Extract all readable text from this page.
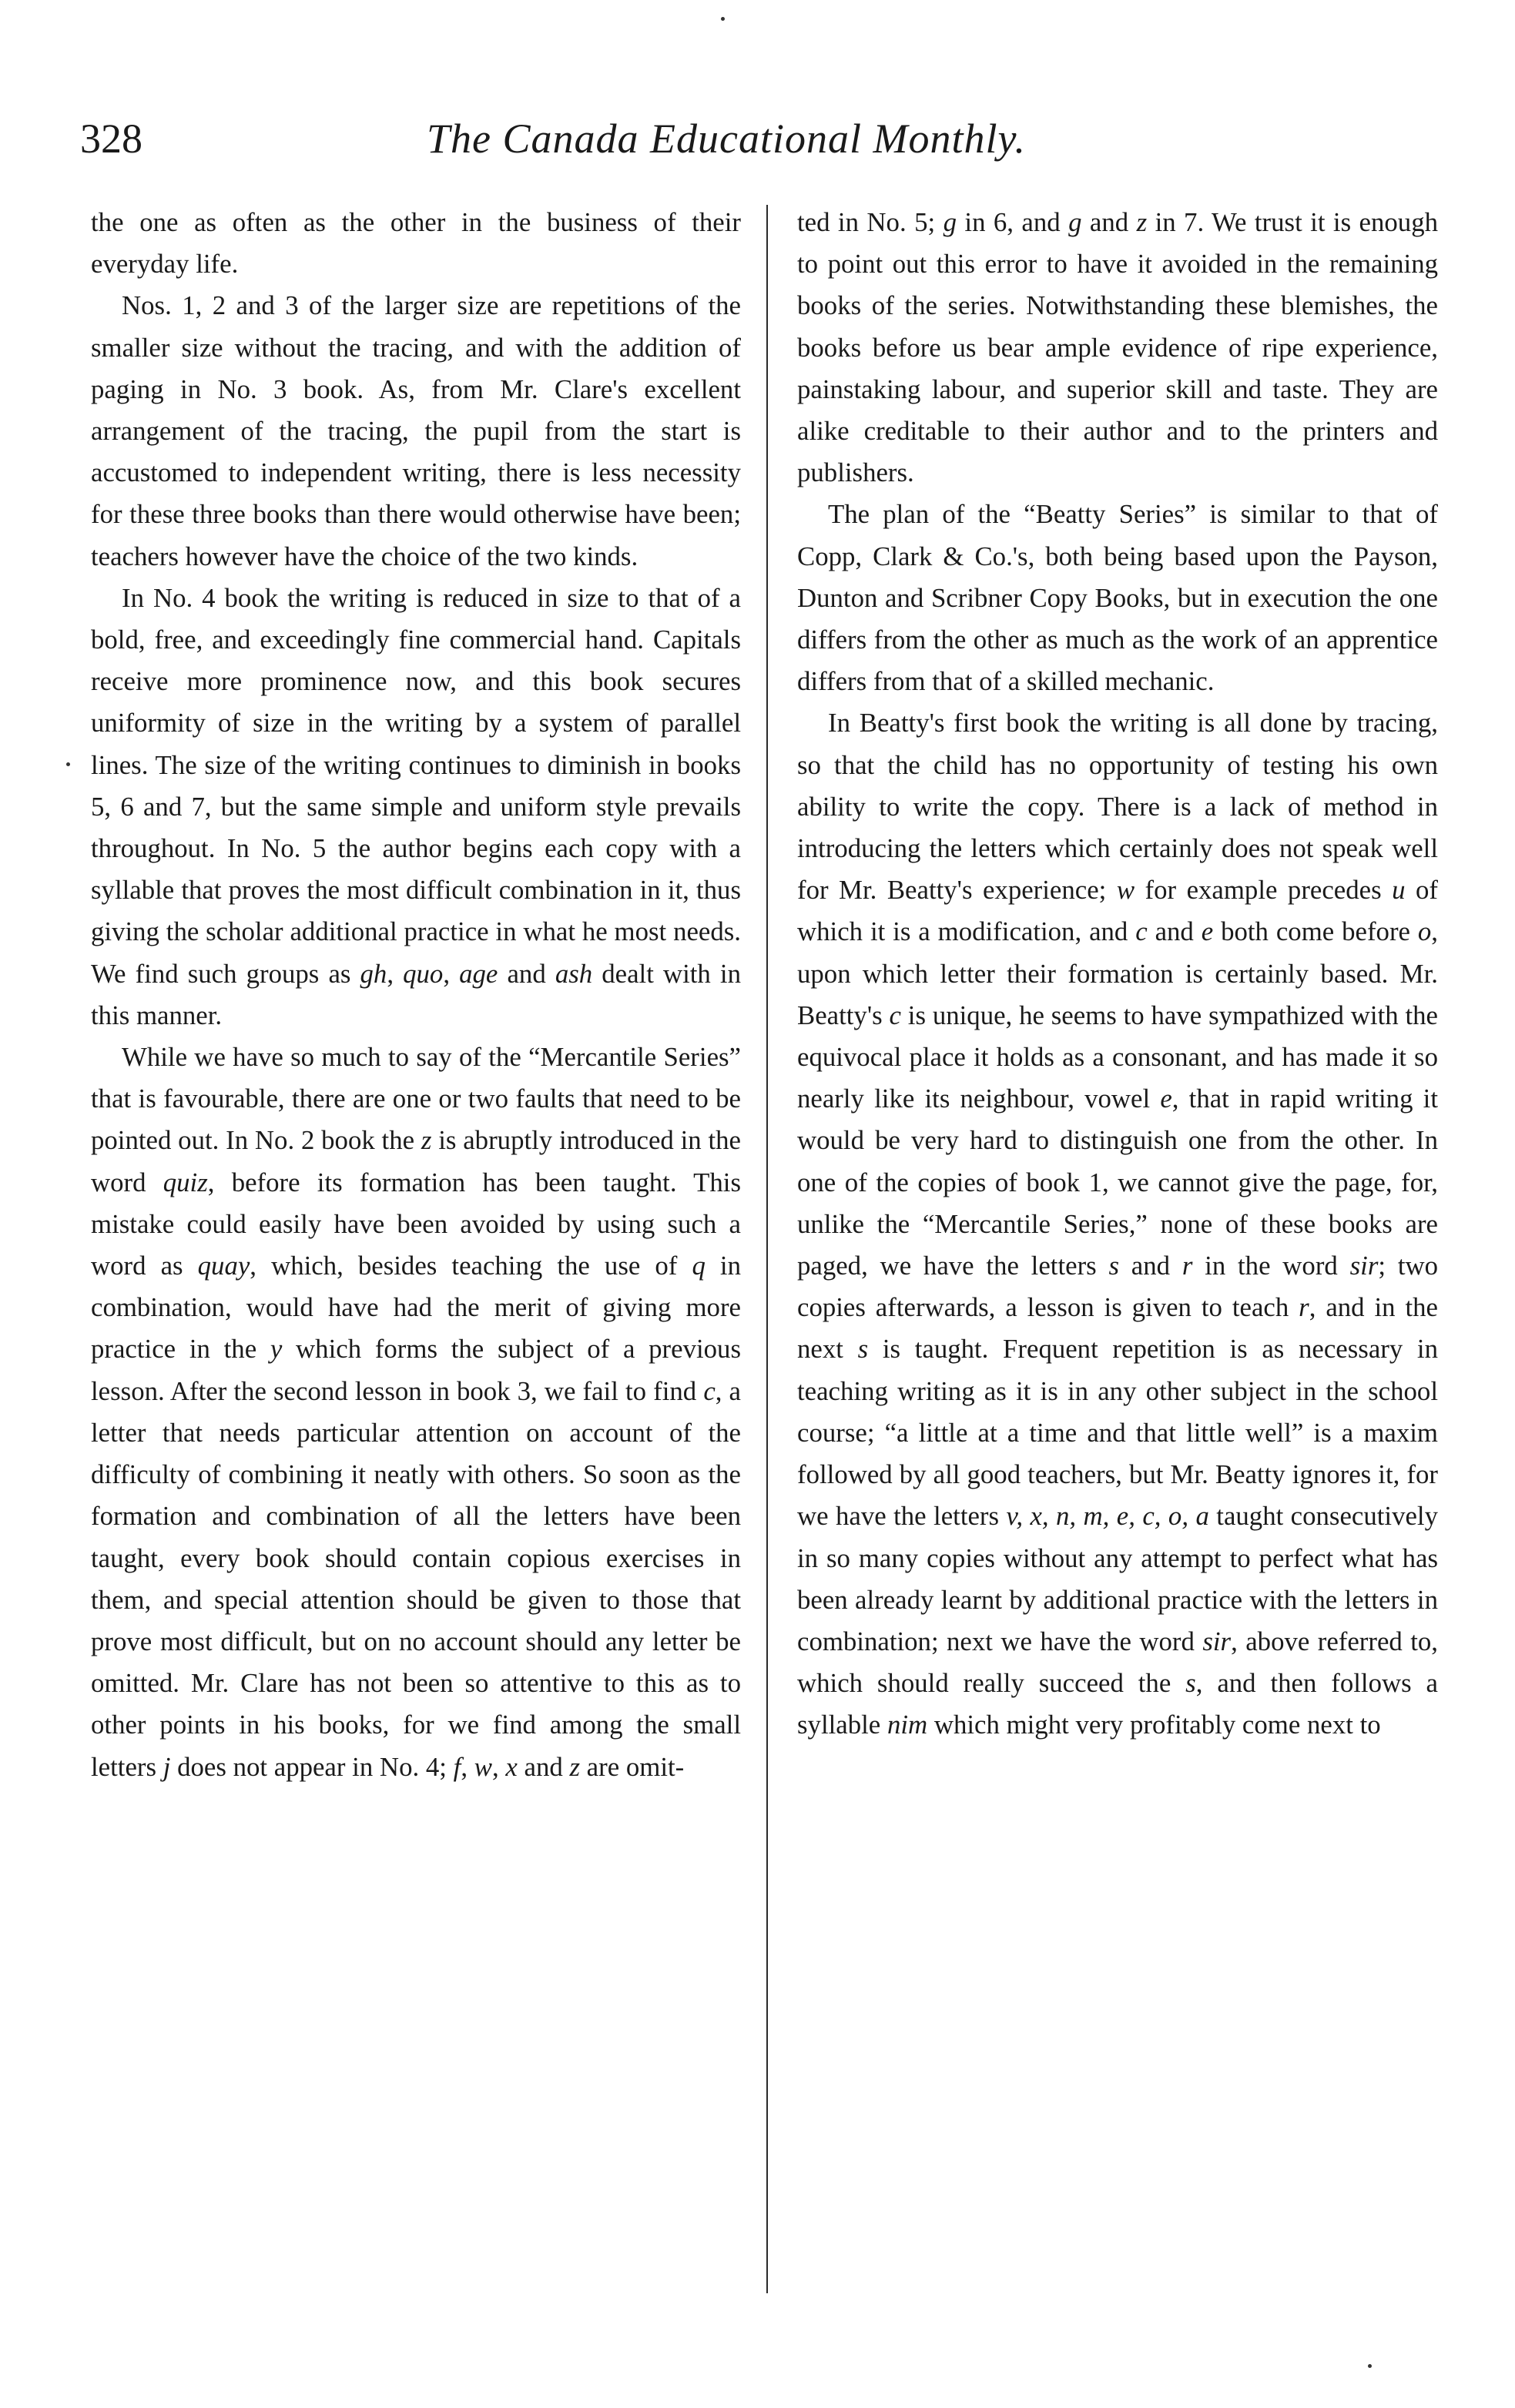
328	The Canada Educational Monthly.

the one as often as the other in the business of their everyday life.

Nos. 1, 2 and 3 of the larger size are repetitions of the smaller size without the tracing, and with the addition of paging in No. 3 book. As, from Mr. Clare's excellent arrangement of the tracing, the pupil from the start is accustomed to independent writing, there is less necessity for these three books than there would otherwise have been; teachers however have the choice of the two kinds.

In No. 4 book the writing is reduced in size to that of a bold, free, and exceedingly fine commercial hand. Capitals receive more prominence now, and this book secures uniformity of size in the writing by a system of parallel lines. The size of the writing continues to diminish in books 5, 6 and 7, but the same simple and uniform style prevails throughout. In No. 5 the author begins each copy with a syllable that proves the most difficult combination in it, thus giving the scholar additional practice in what he most needs. We find such groups as gh, quo, age and ash dealt with in this manner.

While we have so much to say of the “Mercantile Series” that is favourable, there are one or two faults that need to be pointed out. In No. 2 book the z is abruptly introduced in the word quiz, before its formation has been taught. This mistake could easily have been avoided by using such a word as quay, which, besides teaching the use of q in combination, would have had the merit of giving more practice in the y which forms the subject of a previous lesson. After the second lesson in book 3, we fail to find c, a letter that needs particular attention on account of the difficulty of combining it neatly with others. So soon as the formation and combination of all the letters have been taught, every book should contain copious exercises in them, and special attention should be given to those that prove most difficult, but on no account should any letter be omitted. Mr. Clare has not been so attentive to this as to other points in his books, for we find among the small letters j does not appear in No. 4; f, w, x and z are omit-

ted in No. 5; g in 6, and g and z in 7. We trust it is enough to point out this error to have it avoided in the remaining books of the series. Notwithstanding these blemishes, the books before us bear ample evidence of ripe experience, painstaking labour, and superior skill and taste. They are alike creditable to their author and to the printers and publishers.

The plan of the “Beatty Series” is similar to that of Copp, Clark & Co.'s, both being based upon the Payson, Dunton and Scribner Copy Books, but in execution the one differs from the other as much as the work of an apprentice differs from that of a skilled mechanic.

In Beatty's first book the writing is all done by tracing, so that the child has no opportunity of testing his own ability to write the copy. There is a lack of method in introducing the letters which certainly does not speak well for Mr. Beatty's experience; w for example precedes u of which it is a modification, and c and e both come before o, upon which letter their formation is certainly based. Mr. Beatty's c is unique, he seems to have sympathized with the equivocal place it holds as a consonant, and has made it so nearly like its neighbour, vowel e, that in rapid writing it would be very hard to distinguish one from the other. In one of the copies of book 1, we cannot give the page, for, unlike the “Mercantile Series,” none of these books are paged, we have the letters s and r in the word sir; two copies afterwards, a lesson is given to teach r, and in the next s is taught. Frequent repetition is as necessary in teaching writing as it is in any other subject in the school course; “a little at a time and that little well” is a maxim followed by all good teachers, but Mr. Beatty ignores it, for we have the letters v, x, n, m, e, c, o, a taught consecutively in so many copies without any attempt to perfect what has been already learnt by additional practice with the letters in combination; next we have the word sir, above referred to, which should really succeed the s, and then follows a syllable nim which might very profitably come next to
